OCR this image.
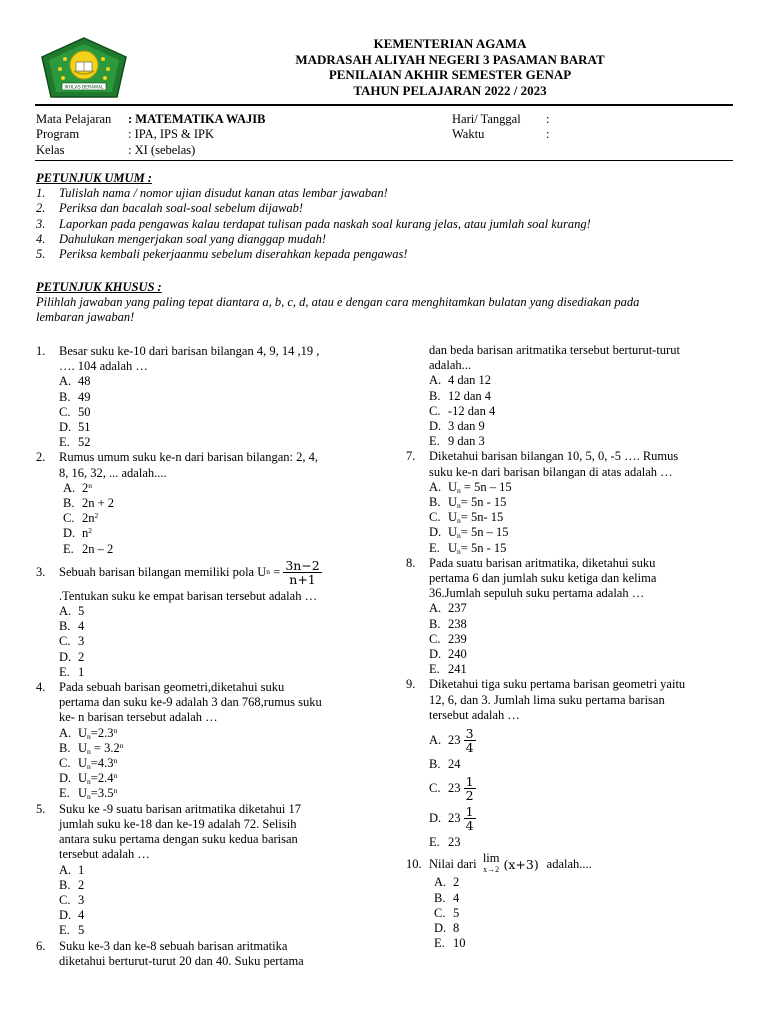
IKHLAS BERAMAL
KEMENTERIAN AGAMA
MADRASAH ALIYAH NEGERI 3 PASAMAN BARAT
PENILAIAN AKHIR SEMESTER GENAP
TAHUN PELAJARAN 2022 / 2023
Mata Pelajaran	: MATEMATIKA WAJIB
Program	: IPA, IPS & IPK
Kelas	: XI (sebelas)
Hari/ Tanggal	:
Waktu	:
PETUNJUK UMUM :
1.	Tulislah nama / nomor ujian disudut kanan atas lembar jawaban!
2.	Periksa dan bacalah soal-soal sebelum dijawab!
3.	Laporkan pada pengawas kalau terdapat tulisan pada naskah soal kurang jelas, atau jumlah soal kurang!
4.	Dahulukan mengerjakan soal yang dianggap mudah!
5.	Periksa kembali pekerjaanmu sebelum diserahkan kepada pengawas!
PETUNJUK KHUSUS :
Pilihlah jawaban yang paling tepat diantara a, b, c, d, atau e dengan cara menghitamkan bulatan yang disediakan pada
lembaran jawaban!
1.	Besar suku ke-10 dari barisan bilangan 4, 9, 14 ,19 ,
…. 104 adalah …
A. 48
B. 49
C. 50
D. 51
E. 52
2.	Rumus umum suku ke-n dari barisan bilangan: 2, 4,
8, 16, 32, ... adalah....
A. 2$^n$
B. 2n + 2
C. $2n^2$
D. $n^2$
E. 2n – 2
3.	Sebuah barisan bilangan memiliki pola U $n = \frac{3n-2}{n+1}$
.Tentukan suku ke empat barisan tersebut adalah …
A. 5
B. 4
C. 3
D. 2
E. 1
4.	Pada sebuah barisan geometri,diketahui suku
pertama dan suku ke-9 adalah 3 dan 768,rumus suku
ke- n barisan tersebut adalah …
A. $U_n=2.3^n$
B. $U_n = 3.2^n$
C. $U_n=4.3^n$
D. $U_n=2.4^n$
E. $U_n=3.5^n$
5.	Suku ke -9 suatu barisan aritmatika diketahui 17
jumlah suku ke-18 dan ke-19 adalah 72. Selisih
antara suku pertama dengan suku kedua barisan
tersebut adalah …
A. 1
B. 2
C. 3
D. 4
E. 5
6.	Suku ke-3 dan ke-8 sebuah barisan aritmatika
diketahui berturut-turut 20 dan 40. Suku pertama
dan beda barisan aritmatika tersebut berturut-turut
adalah...
A. 4 dan 12
B. 12 dan 4
C. -12 dan 4
D. 3 dan 9
E. 9 dan 3
7.	Diketahui barisan bilangan 10, 5, 0, -5 …. Rumus
suku ke-n dari barisan bilangan di atas adalah …
A. $U_n = 5n - 15$
B. $U_n= 5n - 15$
C. $U_n= 5n-$ 15
D. $U_n= 5n - 15$
E. $U_n= 5n - 15$
8.	Pada suatu barisan aritmatika, diketahui suku
pertama 6 dan jumlah suku ketiga dan kelima
36.Jumlah sepuluh suku pertama adalah …
A. 237
B. 238
C. 239
D. 240
E. 241
9.	Diketahui tiga suku pertama barisan geometri yaitu
12, 6, dan 3. Jumlah lima suku pertama barisan
tersebut adalah …
A. $23 \frac{3}{4}$
B. 24
C. $23 \frac{1}{2}$
D. $23 \frac{1}{4}$
E. 23
10. Nilai dari
lim
x→2 (x+3) adalah....
A. 2
B. 4
C. 5
D. 8
E. 10
